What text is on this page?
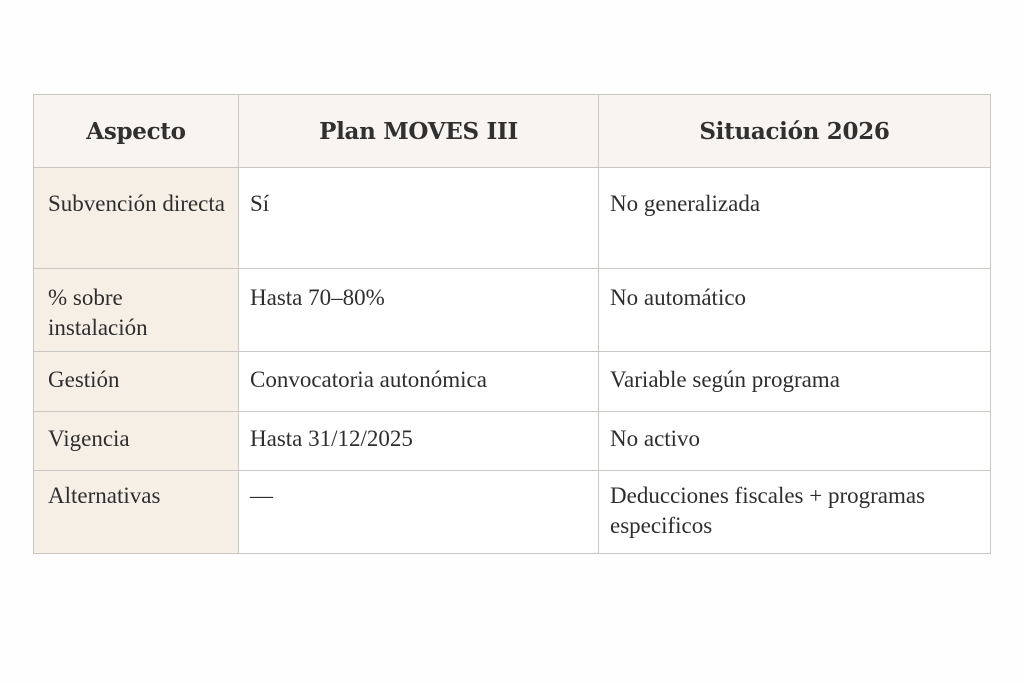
Aspecto	Plan MOVES III	Situación 2026
Subvención directa	Sí	No generalizada
% sobre instalación	Hasta 70–80%	No automático
Gestión	Convocatoria autonómica	Variable según programa
Vigencia	Hasta 31/12/2025	No activo
Alternativas	—	Deducciones fiscales + programas especificos
